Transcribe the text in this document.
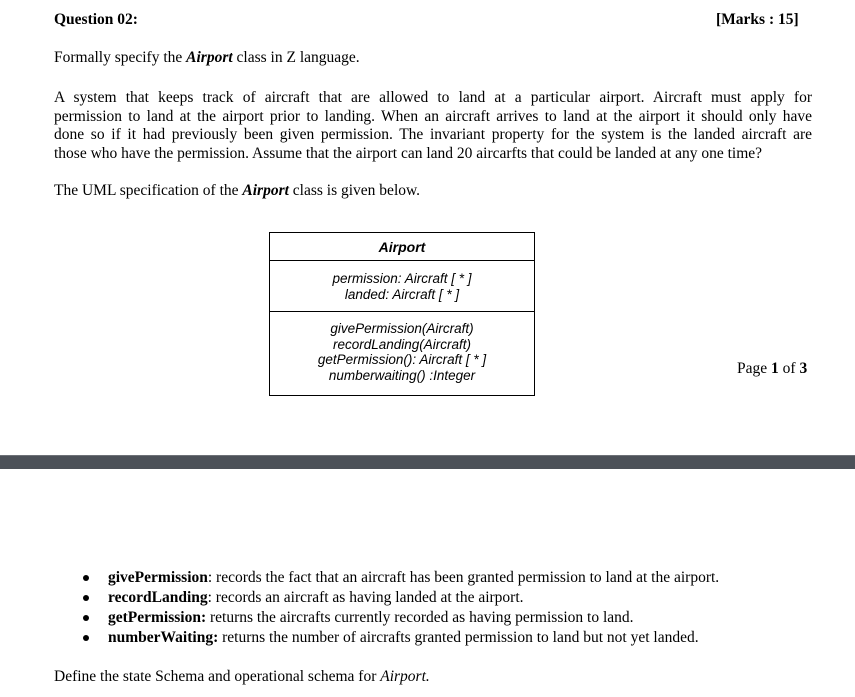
Question 02:	[Marks : 15]
Formally specify the Airport class in Z language.
A system that keeps track of aircraft that are allowed to land at a particular airport. Aircraft must apply for
permission to land at the airport prior to landing. When an aircraft arrives to land at the airport it should only have
done so if it had previously been given permission. The invariant property for the system is the landed aircraft are
those who have the permission. Assume that the airport can land 20 aircarfts that could be landed at any one time?
The UML specification of the Airport class is given below.
Airport
permission: Aircraft [ * ]
landed: Aircraft [ * ]
givePermission(Aircraft)
recordLanding(Aircraft)
getPermission(): Aircraft [ * ]
numberwaiting() :Integer	Page 1 of 3
givePermission: records the fact that an aircraft has been granted permission to land at the airport.
recordLanding: records an aircraft as having landed at the airport.
getPermission: returns the aircrafts currently recorded as having permission to land.
numberWaiting: returns the number of aircrafts granted permission to land but not yet landed.
Define the state Schema and operational schema for Airport.
